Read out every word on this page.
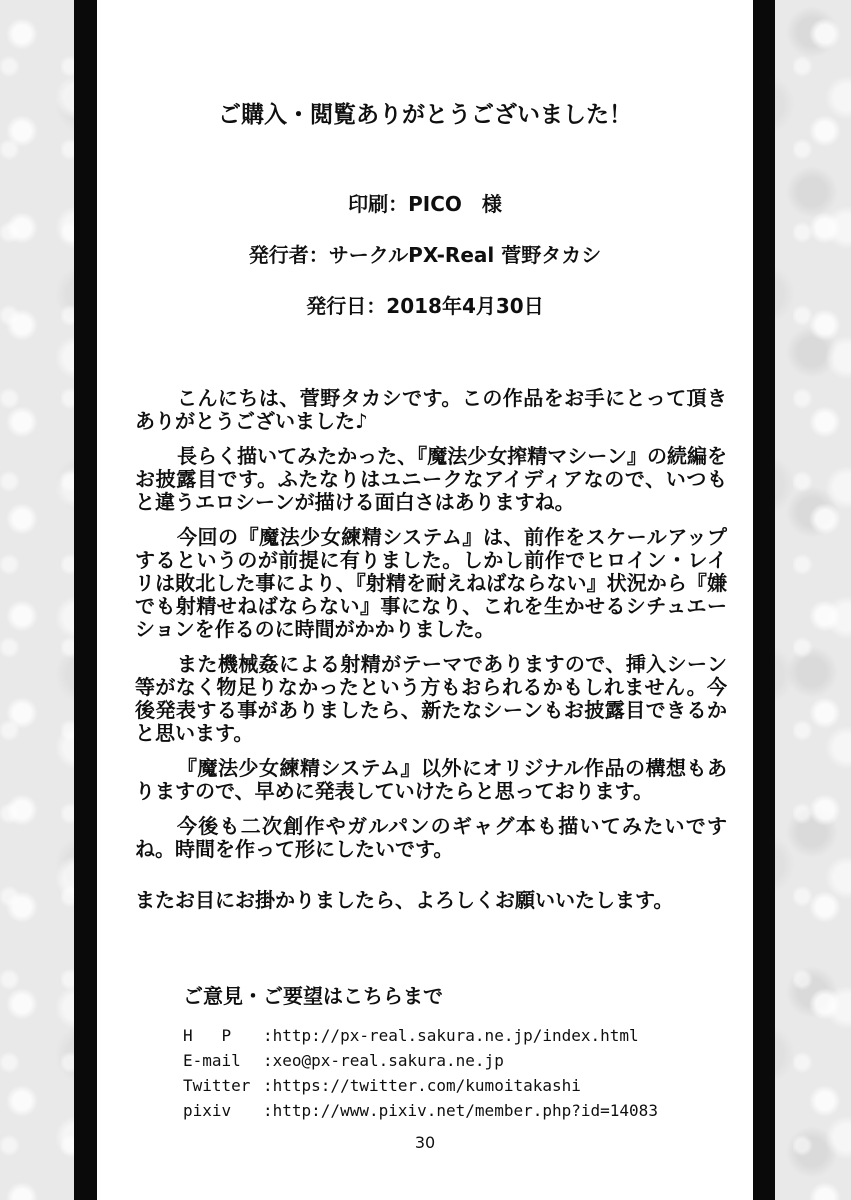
ご購入・閲覧ありがとうございました！
印刷：PICO　様
発行者：サークルPX-Real 菅野タカシ
発行日：2018年4月30日

こんにちは、菅野タカシです。この作品をお手にとって頂きありがとうございました♪

長らく描いてみたかった、『魔法少女搾精マシーン』の続編をお披露目です。ふたなりはユニークなアイディアなので、いつもと違うエロシーンが描ける面白さはありますね。

今回の『魔法少女練精システム』は、前作をスケールアップするというのが前提に有りました。しかし前作でヒロイン・レイリは敗北した事により、『射精を耐えねばならない』状況から『嫌でも射精せねばならない』事になり、これを生かせるシチュエーションを作るのに時間がかかりました。

また機械姦による射精がテーマでありますので、挿入シーン等がなく物足りなかったという方もおられるかもしれません。今後発表する事がありましたら、新たなシーンもお披露目できるかと思います。

『魔法少女練精システム』以外にオリジナル作品の構想もありますので、早めに発表していけたらと思っております。

今後も二次創作やガルパンのギャグ本も描いてみたいですね。時間を作って形にしたいです。

またお目にお掛かりましたら、よろしくお願いいたします。

ご意見・ご要望はこちらまで
H   P	:http://px-real.sakura.ne.jp/index.html
E-mail	:xeo@px-real.sakura.ne.jp
Twitter :https://twitter.com/kumoitakashi
pixiv	:http://www.pixiv.net/member.php?id=14083
30
